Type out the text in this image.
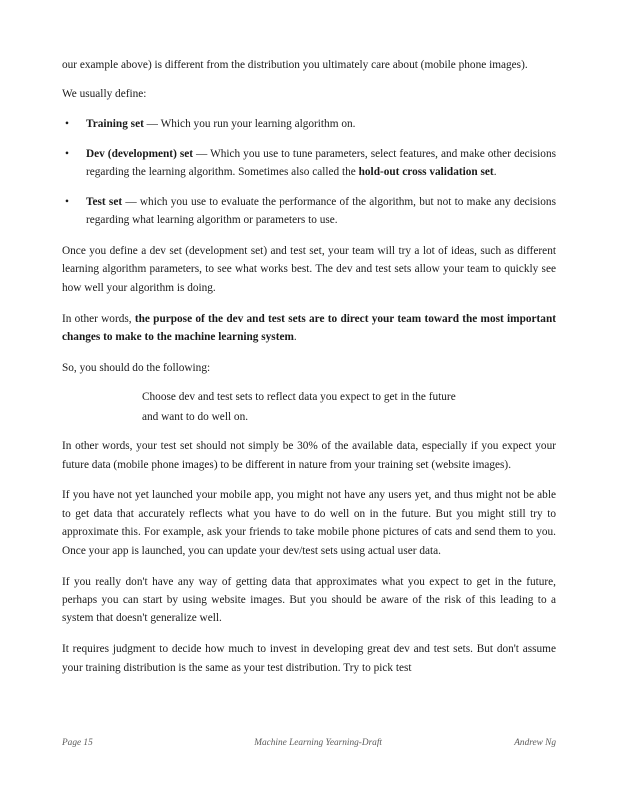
our example above) is different from the distribution you ultimately care about (mobile phone images).

We usually define:

• Training set — Which you run your learning algorithm on.
• Dev (development) set — Which you use to tune parameters, select features, and make other decisions regarding the learning algorithm. Sometimes also called the hold-out cross validation set.
• Test set — which you use to evaluate the performance of the algorithm, but not to make any decisions regarding what learning algorithm or parameters to use.

Once you define a dev set (development set) and test set, your team will try a lot of ideas, such as different learning algorithm parameters, to see what works best. The dev and test sets allow your team to quickly see how well your algorithm is doing.

In other words, the purpose of the dev and test sets are to direct your team toward the most important changes to make to the machine learning system.

So, you should do the following:

Choose dev and test sets to reflect data you expect to get in the future
and want to do well on.

In other words, your test set should not simply be 30% of the available data, especially if you expect your future data (mobile phone images) to be different in nature from your training set (website images).

If you have not yet launched your mobile app, you might not have any users yet, and thus might not be able to get data that accurately reflects what you have to do well on in the future. But you might still try to approximate this. For example, ask your friends to take mobile phone pictures of cats and send them to you. Once your app is launched, you can update your dev/test sets using actual user data.

If you really don't have any way of getting data that approximates what you expect to get in the future, perhaps you can start by using website images. But you should be aware of the risk of this leading to a system that doesn't generalize well.

It requires judgment to decide how much to invest in developing great dev and test sets. But don't assume your training distribution is the same as your test distribution. Try to pick test

Page 15	Machine Learning Yearning-Draft	Andrew Ng
